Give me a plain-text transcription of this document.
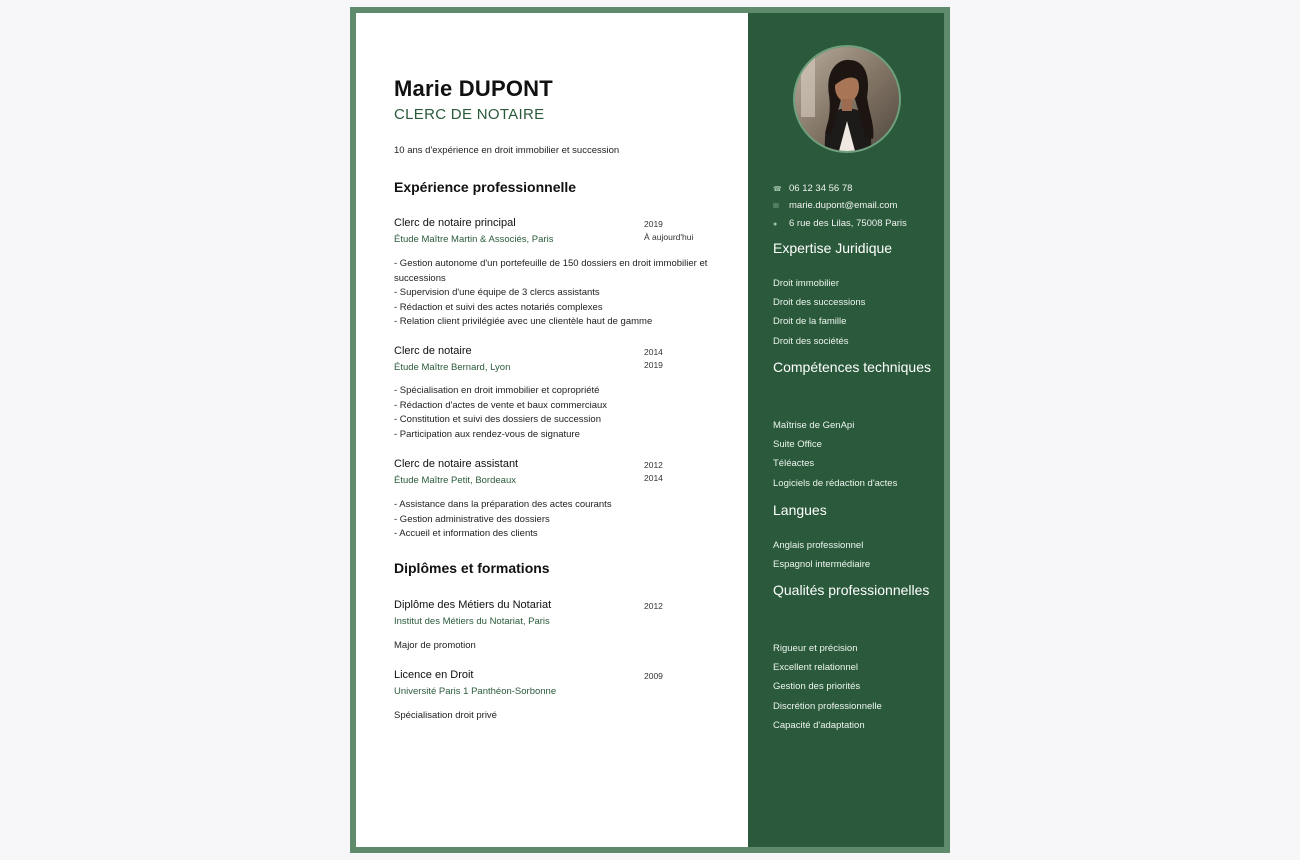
Marie DUPONT
CLERC DE NOTAIRE
10 ans d'expérience en droit immobilier et succession
Expérience professionnelle
Clerc de notaire principal
Étude Maître Martin & Associés, Paris
2019
À aujourd'hui
- Gestion autonome d'un portefeuille de 150 dossiers en droit immobilier et successions
- Supervision d'une équipe de 3 clercs assistants
- Rédaction et suivi des actes notariés complexes
- Relation client privilégiée avec une clientèle haut de gamme
Clerc de notaire
Étude Maître Bernard, Lyon
2014
2019
- Spécialisation en droit immobilier et copropriété
- Rédaction d'actes de vente et baux commerciaux
- Constitution et suivi des dossiers de succession
- Participation aux rendez-vous de signature
Clerc de notaire assistant
Étude Maître Petit, Bordeaux
2012
2014
- Assistance dans la préparation des actes courants
- Gestion administrative des dossiers
- Accueil et information des clients
Diplômes et formations
Diplôme des Métiers du Notariat
Institut des Métiers du Notariat, Paris
2012
Major de promotion
Licence en Droit
Université Paris 1 Panthéon-Sorbonne
2009
Spécialisation droit privé
☎ 06 12 34 56 78
✉ marie.dupont@email.com
● 6 rue des Lilas, 75008 Paris
Expertise Juridique
Droit immobilier
Droit des successions
Droit de la famille
Droit des sociétés
Compétences techniques
Maîtrise de GenApi
Suite Office
Téléactes
Logiciels de rédaction d'actes
Langues
Anglais professionnel
Espagnol intermédiaire
Qualités professionnelles
Rigueur et précision
Excellent relationnel
Gestion des priorités
Discrétion professionnelle
Capacité d'adaptation
